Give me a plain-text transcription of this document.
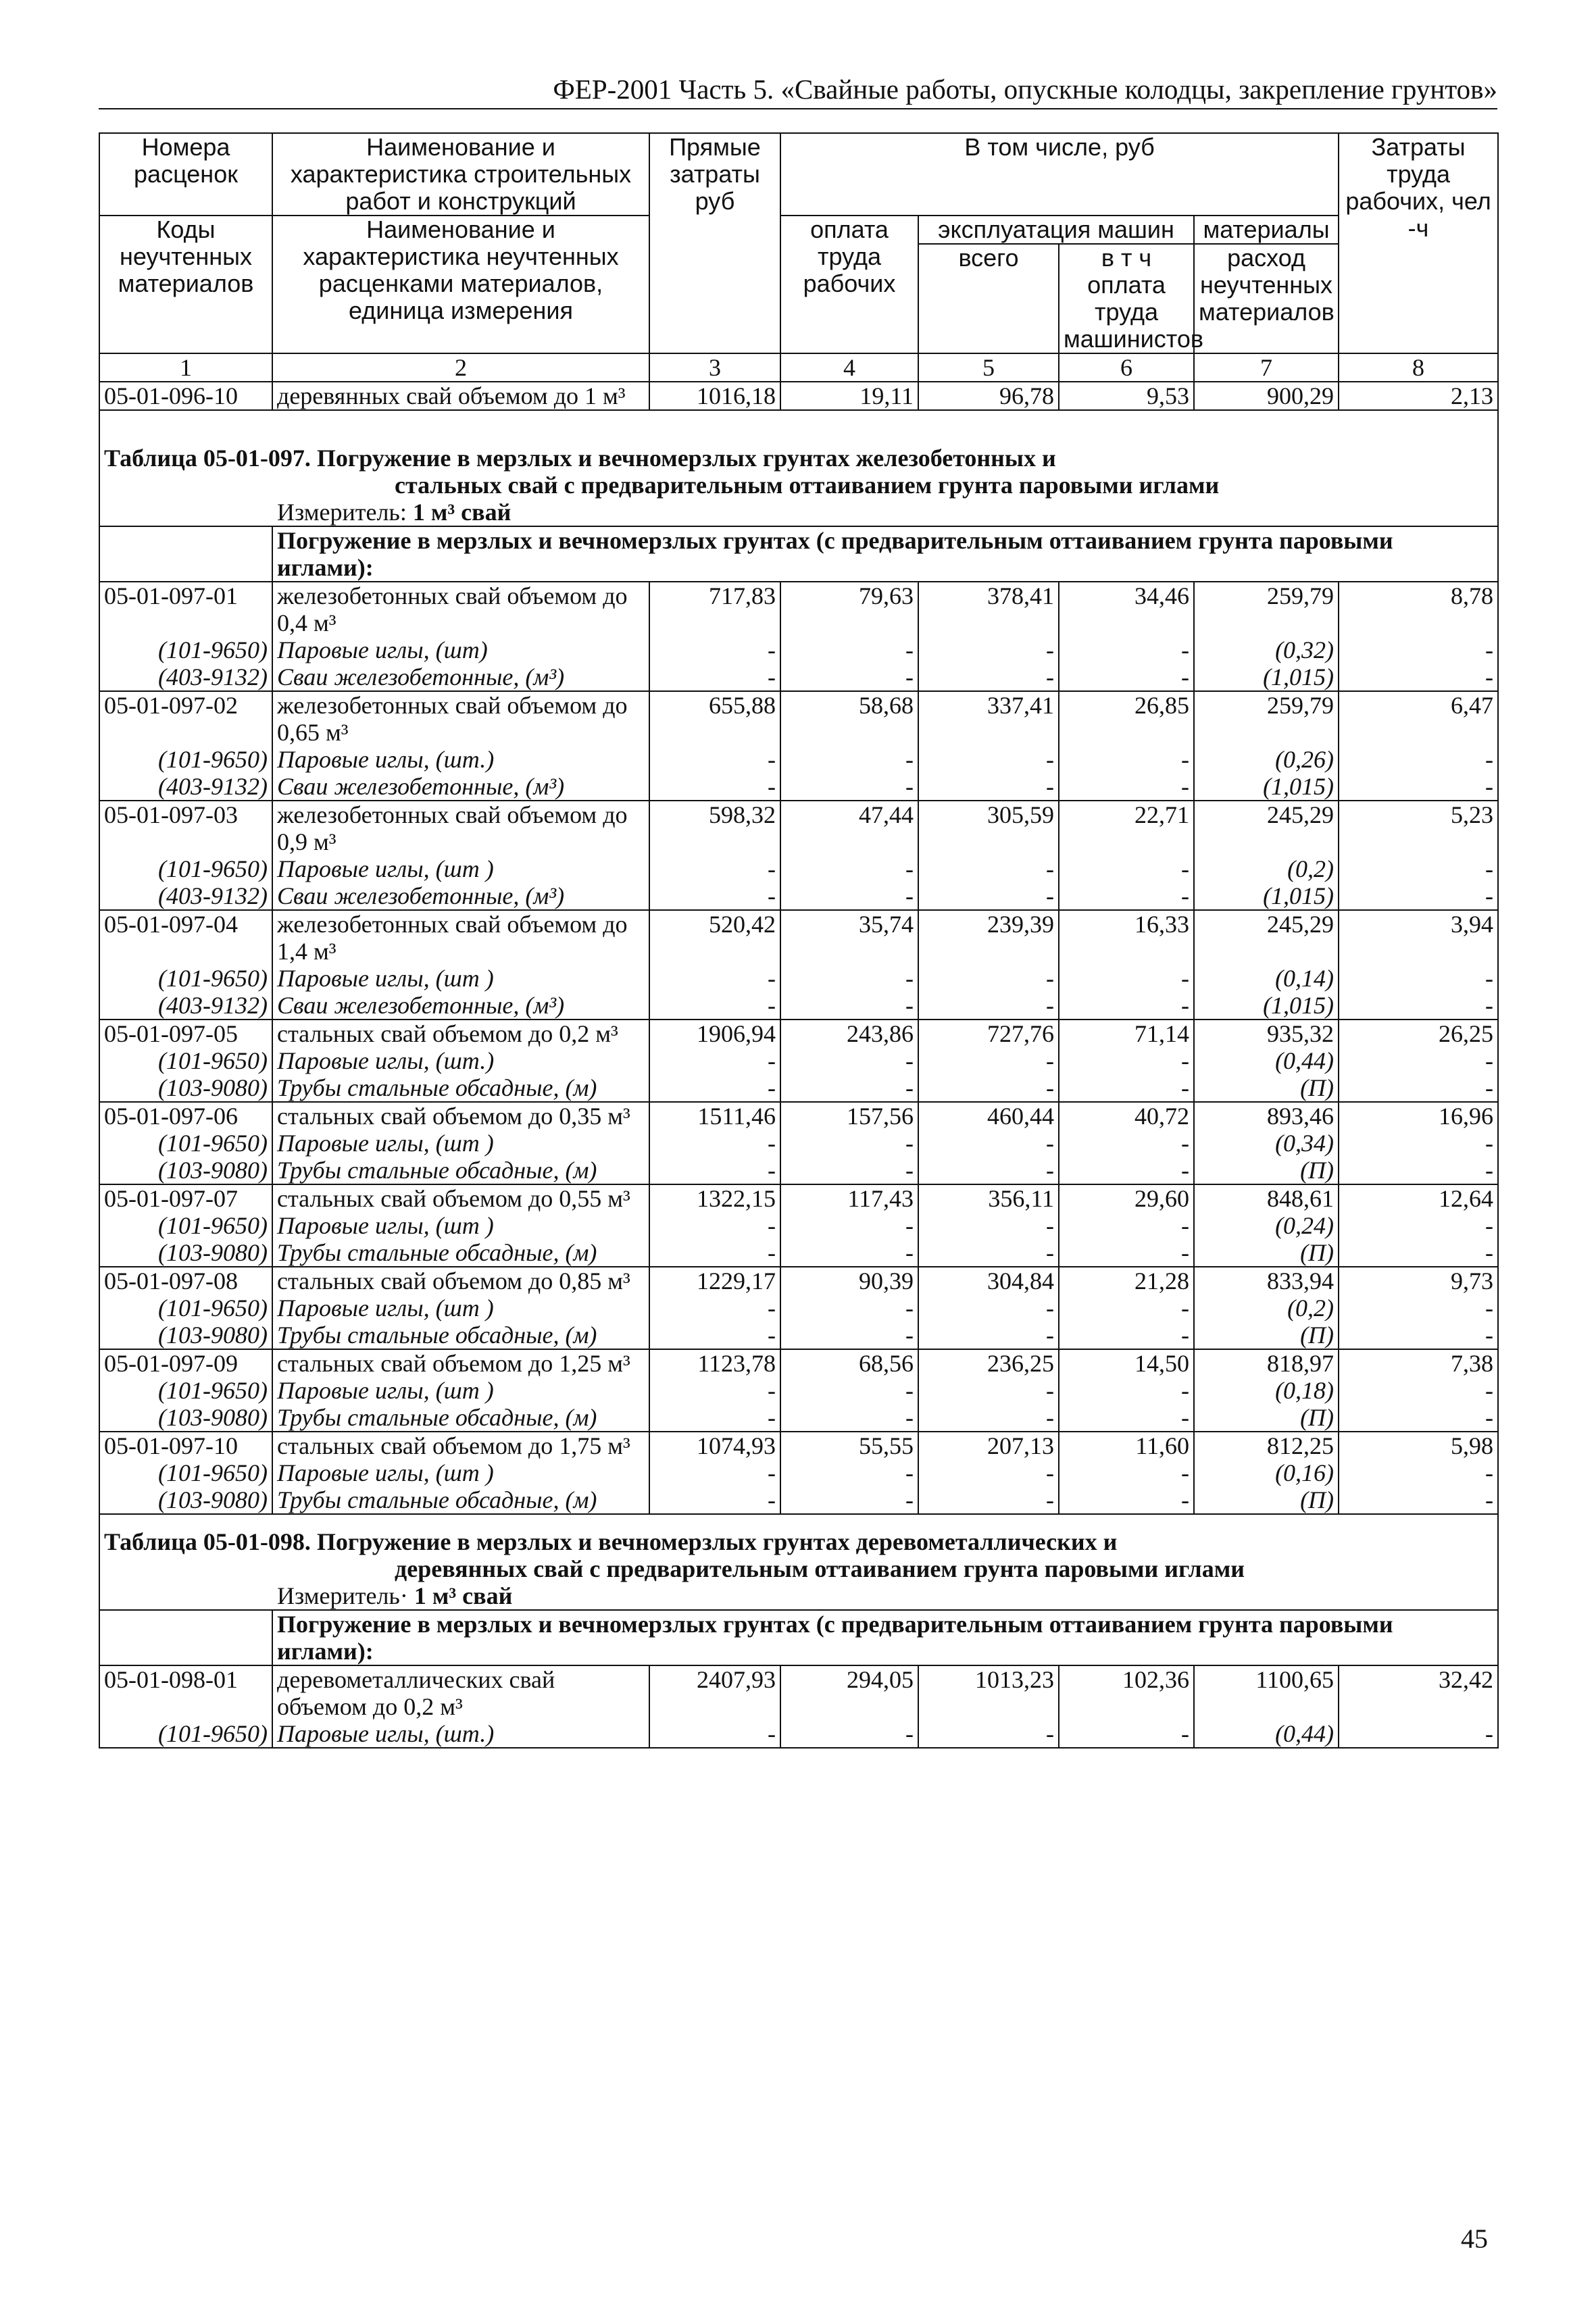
ФЕР-2001 Часть 5. «Свайные работы, опускные колодцы, закрепление грунтов»
Номера расценок	Наименование и характеристика строительных работ и конструкций	Прямые затраты руб	В том числе, руб				Затраты труда рабочих, чел -ч
Коды неучтенных материалов	Наименование и характеристика неучтенных расценками материалов, единица измерения		оплата труда рабочих	эксплуатация машин		материалы	
				всего	в т ч оплата труда машинистов	расход неучтенных материалов	
1	2	3	4	5	6	7	8
05-01-096-10	деревянных свай объемом до 1 м³	1016,18	19,11	96,78	9,53	900,29	2,13

Таблица 05-01-097. Погружение в мерзлых и вечномерзлых грунтах железобетонных и
стальных свай с предварительным оттаиванием грунта паровыми иглами							

Измеритель: 1 м³ свай							
	Погружение в мерзлых и вечномерзлых грунтах (с предварительным оттаиванием грунта паровыми иглами):						
05-01-097-01	железобетонных свай объемом до 0,4 м³	717,83	79,63	378,41	34,46	259,79	8,78
(101-9650)	Паровые иглы, (шт)	-	-	-	-	(0,32)	-
(403-9132)	Сваи железобетонные, (м³)	-	-	-	-	(1,015)	-
05-01-097-02	железобетонных свай объемом до 0,65 м³	655,88	58,68	337,41	26,85	259,79	6,47
(101-9650)	Паровые иглы, (шт.)	-	-	-	-	(0,26)	-
(403-9132)	Сваи железобетонные, (м³)	-	-	-	-	(1,015)	-
05-01-097-03	железобетонных свай объемом до 0,9 м³	598,32	47,44	305,59	22,71	245,29	5,23
(101-9650)	Паровые иглы, (шт )	-	-	-	-	(0,2)	-
(403-9132)	Сваи железобетонные, (м³)	-	-	-	-	(1,015)	-
05-01-097-04	железобетонных свай объемом до 1,4 м³	520,42	35,74	239,39	16,33	245,29	3,94
(101-9650)	Паровые иглы, (шт )	-	-	-	-	(0,14)	-
(403-9132)	Сваи железобетонные, (м³)	-	-	-	-	(1,015)	-
05-01-097-05	стальных свай объемом до 0,2 м³	1906,94	243,86	727,76	71,14	935,32	26,25
(101-9650)	Паровые иглы, (шт.)	-	-	-	-	(0,44)	-
(103-9080)	Трубы стальные обсадные, (м)	-	-	-	-	(П)	-
05-01-097-06	стальных свай объемом до 0,35 м³	1511,46	157,56	460,44	40,72	893,46	16,96
(101-9650)	Паровые иглы, (шт )	-	-	-	-	(0,34)	-
(103-9080)	Трубы стальные обсадные, (м)	-	-	-	-	(П)	-
05-01-097-07	стальных свай объемом до 0,55 м³	1322,15	117,43	356,11	29,60	848,61	12,64
(101-9650)	Паровые иглы, (шт )	-	-	-	-	(0,24)	-
(103-9080)	Трубы стальные обсадные, (м)	-	-	-	-	(П)	-
05-01-097-08	стальных свай объемом до 0,85 м³	1229,17	90,39	304,84	21,28	833,94	9,73
(101-9650)	Паровые иглы, (шт )	-	-	-	-	(0,2)	-
(103-9080)	Трубы стальные обсадные, (м)	-	-	-	-	(П)	-
05-01-097-09	стальных свай объемом до 1,25 м³	1123,78	68,56	236,25	14,50	818,97	7,38
(101-9650)	Паровые иглы, (шт )	-	-	-	-	(0,18)	-
(103-9080)	Трубы стальные обсадные, (м)	-	-	-	-	(П)	-
05-01-097-10	стальных свай объемом до 1,75 м³	1074,93	55,55	207,13	11,60	812,25	5,98
(101-9650)	Паровые иглы, (шт )	-	-	-	-	(0,16)	-
(103-9080)	Трубы стальные обсадные, (м)	-	-	-	-	(П)	-

Таблица 05-01-098. Погружение в мерзлых и вечномерзлых грунтах деревометаллических и
деревянных свай с предварительным оттаиванием грунта паровыми иглами							

Измеритель· 1 м³ свай							
	Погружение в мерзлых и вечномерзлых грунтах (с предварительным оттаиванием грунта паровыми иглами):						
05-01-098-01	деревометаллических свай объемом до 0,2 м³	2407,93	294,05	1013,23	102,36	1100,65	32,42
(101-9650)	Паровые иглы, (шт.)	-	-	-	-	(0,44)	-

45
